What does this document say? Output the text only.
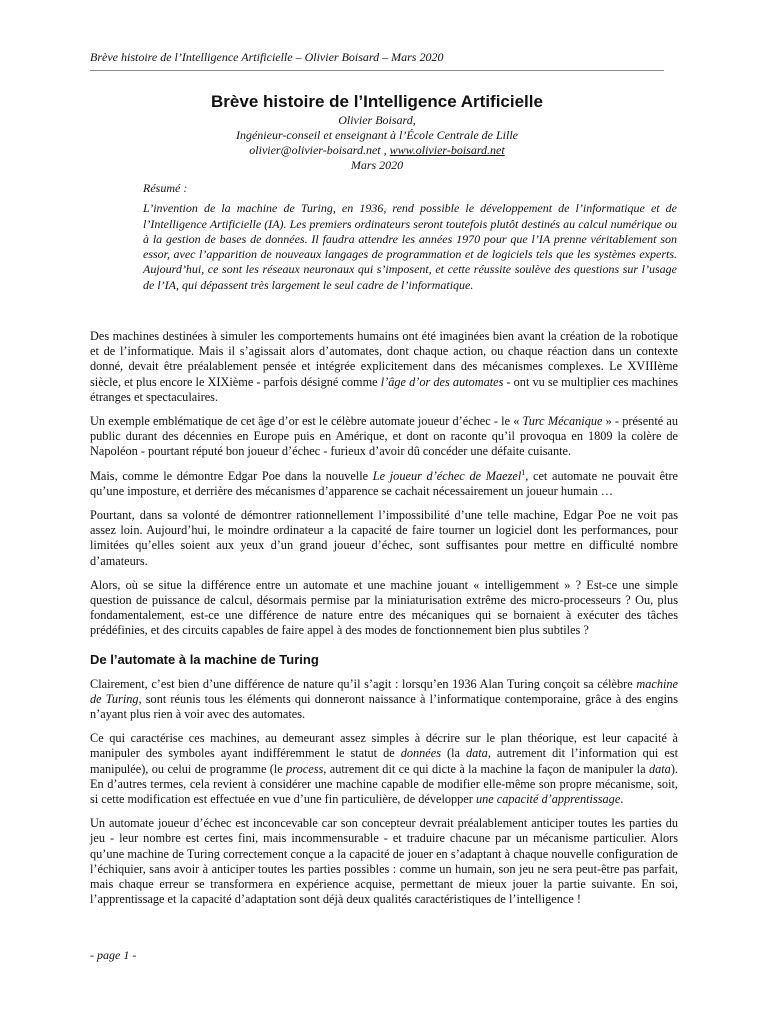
Brève histoire de l’Intelligence Artificielle – Olivier Boisard – Mars 2020
Brève histoire de l’Intelligence Artificielle
Olivier Boisard,
Ingénieur-conseil et enseignant à l’École Centrale de Lille
olivier@olivier-boisard.net , www.olivier-boisard.net
Mars 2020
Résumé :
L’invention de la machine de Turing, en 1936, rend possible le développement de l’informatique et de l’Intelligence Artificielle (IA). Les premiers ordinateurs seront toutefois plutôt destinés au calcul numérique ou à la gestion de bases de données. Il faudra attendre les années 1970 pour que l’IA prenne véritablement son essor, avec l’apparition de nouveaux langages de programmation et de logiciels tels que les systèmes experts. Aujourd’hui, ce sont les réseaux neuronaux qui s’imposent, et cette réussite soulève des questions sur l’usage de l’IA, qui dépassent très largement le seul cadre de l’informatique.

Des machines destinées à simuler les comportements humains ont été imaginées bien avant la création de la robotique et de l’informatique. Mais il s’agissait alors d’automates, dont chaque action, ou chaque réaction dans un contexte donné, devait être préalablement pensée et intégrée explicitement dans des mécanismes complexes. Le XVIIIème siècle, et plus encore le XIXième - parfois désigné comme l’âge d’or des automates - ont vu se multiplier ces machines étranges et spectaculaires.

Un exemple emblématique de cet âge d’or est le célèbre automate joueur d’échec - le « Turc Mécanique » - présenté au public durant des décennies en Europe puis en Amérique, et dont on raconte qu’il provoqua en 1809 la colère de Napoléon - pourtant réputé bon joueur d’échec - furieux d’avoir dû concéder une défaite cuisante.

Mais, comme le démontre Edgar Poe dans la nouvelle Le joueur d’échec de Maezel$^1$, cet automate ne pouvait être qu’une imposture, et derrière des mécanismes d’apparence se cachait nécessairement un joueur humain …

Pourtant, dans sa volonté de démontrer rationnellement l’impossibilité d’une telle machine, Edgar Poe ne voit pas assez loin. Aujourd’hui, le moindre ordinateur a la capacité de faire tourner un logiciel dont les performances, pour limitées qu’elles soient aux yeux d’un grand joueur d’échec, sont suffisantes pour mettre en difficulté nombre d’amateurs.

Alors, où se situe la différence entre un automate et une machine jouant « intelligemment » ? Est-ce une simple question de puissance de calcul, désormais permise par la miniaturisation extrême des micro-processeurs ? Ou, plus fondamentalement, est-ce une différence de nature entre des mécaniques qui se bornaient à exécuter des tâches prédéfinies, et des circuits capables de faire appel à des modes de fonctionnement bien plus subtiles ?

De l’automate à la machine de Turing

Clairement, c’est bien d’une différence de nature qu’il s’agit : lorsqu’en 1936 Alan Turing conçoit sa célèbre machine de Turing, sont réunis tous les éléments qui donneront naissance à l’informatique contemporaine, grâce à des engins n’ayant plus rien à voir avec des automates.

Ce qui caractérise ces machines, au demeurant assez simples à décrire sur le plan théorique, est leur capacité à manipuler des symboles ayant indifféremment le statut de données (la data, autrement dit l’information qui est manipulée), ou celui de programme (le process, autrement dit ce qui dicte à la machine la façon de manipuler la data). En d’autres termes, cela revient à considérer une machine capable de modifier elle-même son propre mécanisme, soit, si cette modification est effectuée en vue d’une fin particulière, de développer une capacité d’apprentissage.

Un automate joueur d’échec est inconcevable car son concepteur devrait préalablement anticiper toutes les parties du jeu - leur nombre est certes fini, mais incommensurable - et traduire chacune par un mécanisme particulier. Alors qu’une machine de Turing correctement conçue a la capacité de jouer en s’adaptant à chaque nouvelle configuration de l’échiquier, sans avoir à anticiper toutes les parties possibles : comme un humain, son jeu ne sera peut-être pas parfait, mais chaque erreur se transformera en expérience acquise, permettant de mieux jouer la partie suivante. En soi, l’apprentissage et la capacité d’adaptation sont déjà deux qualités caractéristiques de l’intelligence !

- page 1 -
